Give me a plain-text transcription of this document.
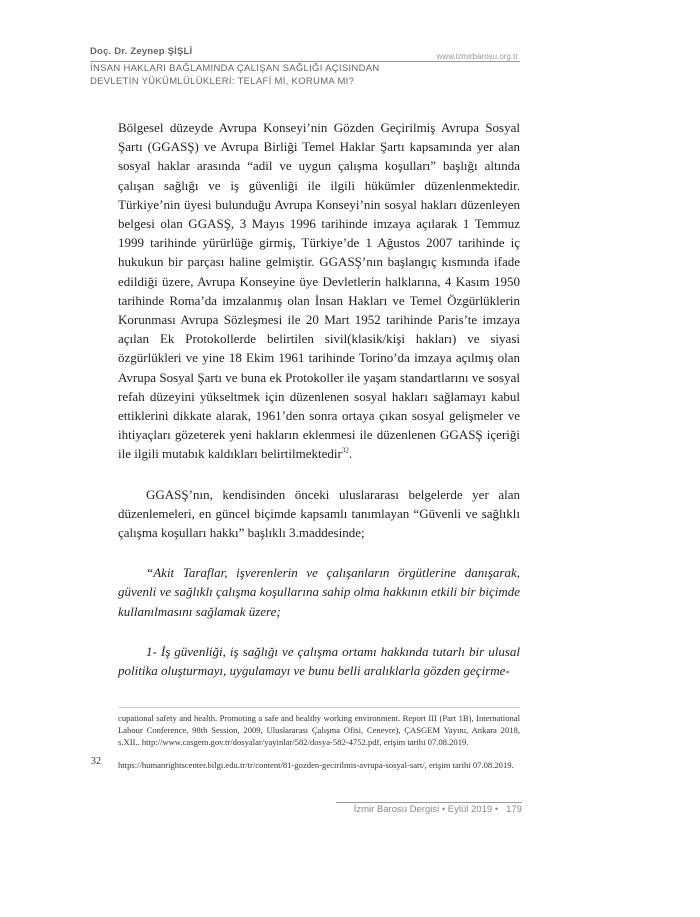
Doç. Dr. Zeynep ŞİŞLİ	www.izmirbarosu.org.tr
İNSAN HAKLARI BAĞLAMINDA ÇALIŞAN SAĞLIĞI AÇISINDAN
DEVLETİN YÜKÜMLÜLÜKLERİ: TELAFİ Mİ, KORUMA MI?

Bölgesel düzeyde Avrupa Konseyi’nin Gözden Geçirilmiş Avrupa Sosyal Şartı (GGASŞ) ve Avrupa Birliği Temel Haklar Şartı kapsamında yer alan sosyal haklar arasında “adil ve uygun çalışma koşulları” başlığı altında çalışan sağlığı ve iş güvenliği ile ilgili hükümler düzenlenmektedir. Türkiye’nin üyesi bulunduğu Avrupa Konseyi’nin sosyal hakları düzenleyen belgesi olan GGASŞ, 3 Mayıs 1996 tarihinde imzaya açılarak 1 Temmuz 1999 tarihinde yürürlüğe girmiş, Türkiye’de 1 Ağustos 2007 tarihinde iç hukukun bir parçası haline gelmiştir. GGASŞ’nın başlangıç kısmında ifade edildiği üzere, Avrupa Konseyine üye Devletlerin halklarına, 4 Kasım 1950 tarihinde Roma’da imzalanmış olan İnsan Hakları ve Temel Özgürlüklerin Korunması Avrupa Sözleşmesi ile 20 Mart 1952 tarihinde Paris’te imzaya açılan Ek Protokollerde belirtilen sivil(klasik/kişi hakları) ve siyasi özgürlükleri ve yine 18 Ekim 1961 tarihinde Torino’da imzaya açılmış olan Avrupa Sosyal Şartı ve buna ek Protokoller ile yaşam standartlarını ve sosyal refah düzeyini yükseltmek için düzenlenen sosyal hakları sağlamayı kabul ettiklerini dikkate alarak, 1961’den sonra ortaya çıkan sosyal gelişmeler ve ihtiyaçları gözeterek yeni hakların eklenmesi ile düzenlenen GGASŞ içeriği ile ilgili mutabık kaldıkları belirtilmektedir$^{32}$.

GGASŞ’nın, kendisinden önceki uluslararası belgelerde yer alan düzenlemeleri, en güncel biçimde kapsamlı tanımlayan “Güvenli ve sağlıklı çalışma koşulları hakkı” başlıklı 3.maddesinde;

“Akit Taraflar, işverenlerin ve çalışanların örgütlerine danışarak, güvenli ve sağlıklı çalışma koşullarına sahip olma hakkının etkili bir biçimde kullanılmasını sağlamak üzere;

1- İş güvenliği, iş sağlığı ve çalışma ortamı hakkında tutarlı bir ulusal politika oluşturmayı, uygulamayı ve bunu belli aralıklarla gözden geçirme-

cupational safety and health. Promoting a safe and healthy working environment. Report III (Part 1B), International Labour Conference, 98th Session, 2009, Uluslararası Çalışma Ofisi, Cenevre), ÇASGEM Yayını, Ankara 2018, s.XII.. http://www.casgem.gov.tr/dosyalar/yayinlar/582/dosya-582-4752.pdf, erişim tarihi 07.08.2019.
32 https://humanrightscenter.bilgi.edu.tr/tr/content/81-gozden-gecirilmis-avrupa-sosyal-sart/, erişim tarihi 07.08.2019.
İzmir Barosu Dergisi • Eylül 2019 • 179
